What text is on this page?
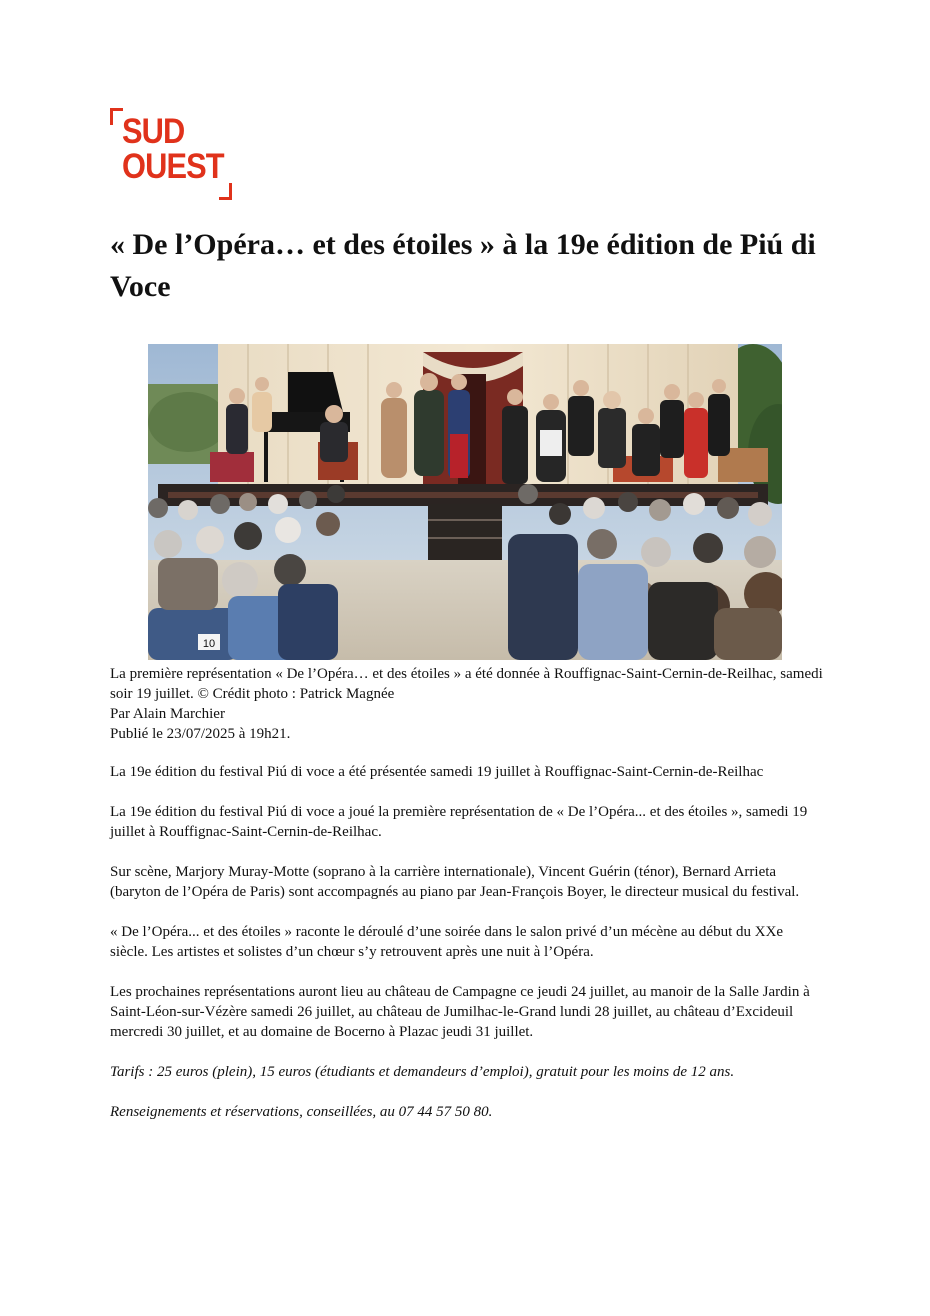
SUD
OUEST
« De l’Opéra… et des étoiles » à la 19e édition de Piú di Voce
10

La première représentation « De l’Opéra… et des étoiles » a été donnée à Rouffignac-Saint-Cernin-de-Reilhac, samedi soir 19 juillet. © Crédit photo : Patrick Magnée

Par Alain Marchier

Publié le 23/07/2025 à 19h21.

La 19e édition du festival Piú di voce a été présentée samedi 19 juillet à Rouffignac-Saint-Cernin-de-Reilhac

La 19e édition du festival Piú di voce a joué la première représentation de « De l’Opéra... et des étoiles », samedi 19 juillet à Rouffignac-Saint-Cernin-de-Reilhac.

Sur scène, Marjory Muray-Motte (soprano à la carrière internationale), Vincent Guérin (ténor), Bernard Arrieta (baryton de l’Opéra de Paris) sont accompagnés au piano par Jean-François Boyer, le directeur musical du festival.

« De l’Opéra... et des étoiles » raconte le déroulé d’une soirée dans le salon privé d’un mécène au début du XXe siècle. Les artistes et solistes d’un chœur s’y retrouvent après une nuit à l’Opéra.

Les prochaines représentations auront lieu au château de Campagne ce jeudi 24 juillet, au manoir de la Salle Jardin à Saint-Léon-sur-Vézère samedi 26 juillet, au château de Jumilhac-le-Grand lundi 28 juillet, au château d’Excideuil mercredi 30 juillet, et au domaine de Bocerno à Plazac jeudi 31 juillet.

Tarifs : 25 euros (plein), 15 euros (étudiants et demandeurs d’emploi), gratuit pour les moins de 12 ans.

Renseignements et réservations, conseillées, au 07 44 57 50 80.
